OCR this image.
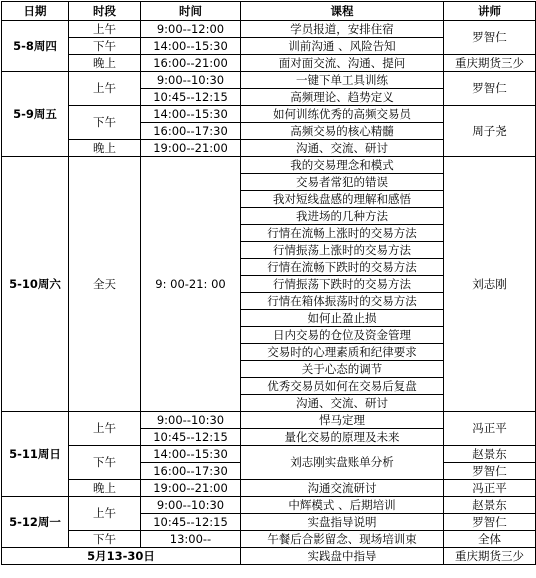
日期	时段	时间	课程	讲师
5-8周四	上午	9:00--12:00	学员报道，安排住宿	罗智仁
	下午	14:00--15:30	训前沟通 、风险告知	
	晚上	16:00--21:00	面对面交流、沟通、提问	重庆期货三少
5-9周五	上午	9:00--10:30	一键下单工具训练	罗智仁
		10:45--12:15	高频理论、趋势定义	
	下午	14:00--15:30	如何训练优秀的高频交易员	周子尧
		16:00--17:30	高频交易的核心精髓	
	晚上	19:00--21:00	沟通、交流、研讨	
5-10周六	全天	9: 00-21: 00	我的交易理念和模式	刘志刚
			交易者常犯的错误	
			我对短线盘感的理解和感悟	
			我进场的几种方法	
			行情在流畅上涨时的交易方法	
			行情振荡上涨时的交易方法	
			行情在流畅下跌时的交易方法	
			行情振荡下跌时的交易方法	
			行情在箱体振荡时的交易方法	
			如何止盈止损	
			日内交易的仓位及资金管理	
			交易时的心理素质和纪律要求	
			关于心态的调节	
			优秀交易员如何在交易后复盘	
			沟通、交流、研讨	
5-11周日	上午	9:00--10:30	悍马定理	冯正平
		10:45--12:15	量化交易的原理及未来	
	下午	14:00--15:30	刘志刚实盘账单分析	赵景东
		16:00--17:30		罗智仁
	晚上	19:00--21:00	沟通交流研讨	冯正平
5-12周一	上午	9:00--10:30	中辉模式 、后期培训	赵景东
		10:45--12:15	实盘指导说明	罗智仁
	下午	13:00--	午餐后合影留念、现场培训束	全体
5月13-30日			实践盘中指导	重庆期货三少
